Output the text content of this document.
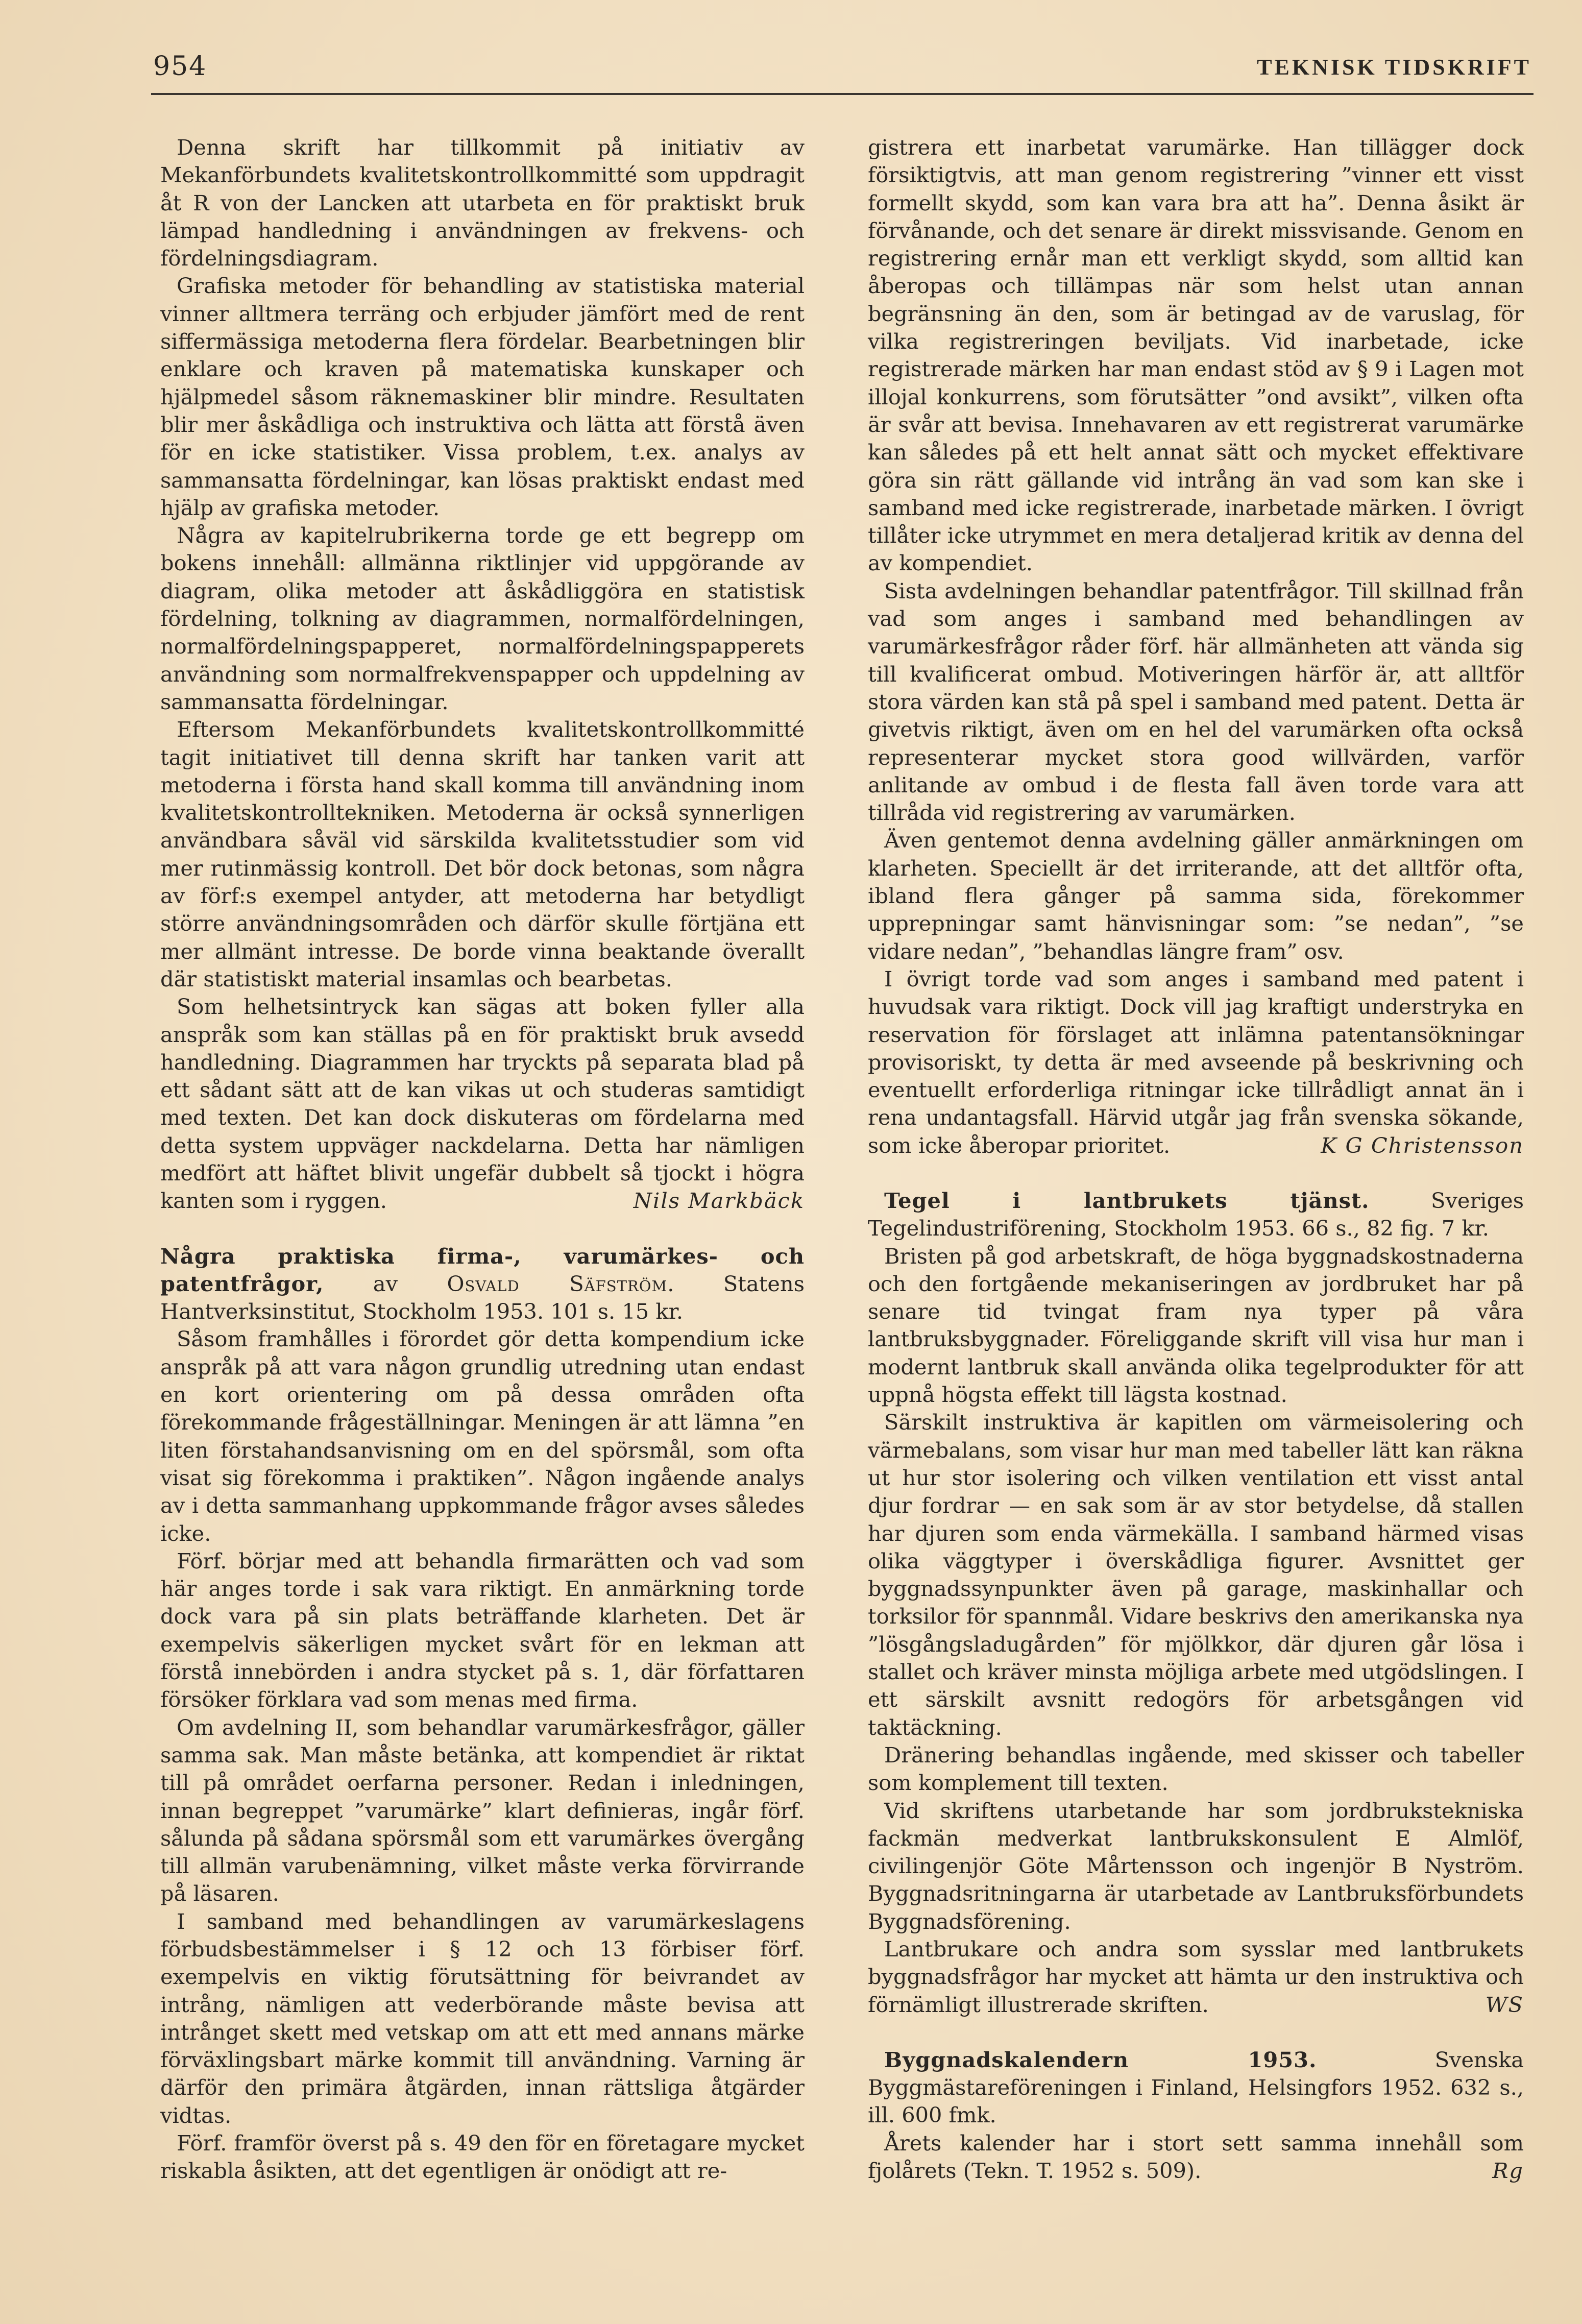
954	TEKNISK TIDSKRIFT

Denna skrift har tillkommit på initiativ av Mekanförbundets kvalitetskontrollkommitté som uppdragit åt R von der Lancken att utarbeta en för praktiskt bruk lämpad handledning i användningen av frekvens- och fördelningsdiagram.

Grafiska metoder för behandling av statistiska material vinner alltmera terräng och erbjuder jämfört med de rent siffermässiga metoderna flera fördelar. Bearbetningen blir enklare och kraven på matematiska kunskaper och hjälpmedel såsom räknemaskiner blir mindre. Resultaten blir mer åskådliga och instruktiva och lätta att förstå även för en icke statistiker. Vissa problem, t.ex. analys av sammansatta fördelningar, kan lösas praktiskt endast med hjälp av grafiska metoder.

Några av kapitelrubrikerna torde ge ett begrepp om bokens innehåll: allmänna riktlinjer vid uppgörande av diagram, olika metoder att åskådliggöra en statistisk fördelning, tolkning av diagrammen, normalfördelningen, normalfördelningspapperet, normalfördelningspapperets användning som normalfrekvenspapper och uppdelning av sammansatta fördelningar.

Eftersom Mekanförbundets kvalitetskontrollkommitté tagit initiativet till denna skrift har tanken varit att metoderna i första hand skall komma till användning inom kvalitetskontrolltekniken. Metoderna är också synnerligen användbara såväl vid särskilda kvalitetsstudier som vid mer rutinmässig kontroll. Det bör dock betonas, som några av förf:s exempel antyder, att metoderna har betydligt större användningsområden och därför skulle förtjäna ett mer allmänt intresse. De borde vinna beaktande överallt där statistiskt material insamlas och bearbetas.

Som helhetsintryck kan sägas att boken fyller alla anspråk som kan ställas på en för praktiskt bruk avsedd handledning. Diagrammen har tryckts på separata blad på ett sådant sätt att de kan vikas ut och studeras samtidigt med texten. Det kan dock diskuteras om fördelarna med detta system uppväger nackdelarna. Detta har nämligen medfört att häftet blivit ungefär dubbelt så tjockt i högra kanten som i ryggen.	Nils Markbäck

Några praktiska firma-, varumärkes- och patentfrågor, av Osvald Säfström. Statens Hantverksinstitut, Stockholm 1953. 101 s. 15 kr.

Såsom framhålles i förordet gör detta kompendium icke anspråk på att vara någon grundlig utredning utan endast en kort orientering om på dessa områden ofta förekommande frågeställningar. Meningen är att lämna ”en liten förstahandsanvisning om en del spörsmål, som ofta visat sig förekomma i praktiken”. Någon ingående analys av i detta sammanhang uppkommande frågor avses således icke.

Förf. börjar med att behandla firmarätten och vad som här anges torde i sak vara riktigt. En anmärkning torde dock vara på sin plats beträffande klarheten. Det är exempelvis säkerligen mycket svårt för en lekman att förstå innebörden i andra stycket på s. 1, där författaren försöker förklara vad som menas med firma.

Om avdelning II, som behandlar varumärkesfrågor, gäller samma sak. Man måste betänka, att kompendiet är riktat till på området oerfarna personer. Redan i inledningen, innan begreppet ”varumärke” klart definieras, ingår förf. sålunda på sådana spörsmål som ett varumärkes övergång till allmän varubenämning, vilket måste verka förvirrande på läsaren.

I samband med behandlingen av varumärkeslagens förbudsbestämmelser i § 12 och 13 förbiser förf. exempelvis en viktig förutsättning för beivrandet av intrång, nämligen att vederbörande måste bevisa att intrånget skett med vetskap om att ett med annans märke förväxlingsbart märke kommit till användning. Varning är därför den primära åtgärden, innan rättsliga åtgärder vidtas.

Förf. framför överst på s. 49 den för en företagare mycket riskabla åsikten, att det egentligen är onödigt att re-

gistrera ett inarbetat varumärke. Han tillägger dock försiktigtvis, att man genom registrering ”vinner ett visst formellt skydd, som kan vara bra att ha”. Denna åsikt är förvånande, och det senare är direkt missvisande. Genom en registrering ernår man ett verkligt skydd, som alltid kan åberopas och tillämpas när som helst utan annan begränsning än den, som är betingad av de varuslag, för vilka registreringen beviljats. Vid inarbetade, icke registrerade märken har man endast stöd av § 9 i Lagen mot illojal konkurrens, som förutsätter ”ond avsikt”, vilken ofta är svår att bevisa. Innehavaren av ett registrerat varumärke kan således på ett helt annat sätt och mycket effektivare göra sin rätt gällande vid intrång än vad som kan ske i samband med icke registrerade, inarbetade märken. I övrigt tillåter icke utrymmet en mera detaljerad kritik av denna del av kompendiet.

Sista avdelningen behandlar patentfrågor. Till skillnad från vad som anges i samband med behandlingen av varumärkesfrågor råder förf. här allmänheten att vända sig till kvalificerat ombud. Motiveringen härför är, att alltför stora värden kan stå på spel i samband med patent. Detta är givetvis riktigt, även om en hel del varumärken ofta också representerar mycket stora good willvärden, varför anlitande av ombud i de flesta fall även torde vara att tillråda vid registrering av varumärken.

Även gentemot denna avdelning gäller anmärkningen om klarheten. Speciellt är det irriterande, att det alltför ofta, ibland flera gånger på samma sida, förekommer upprepningar samt hänvisningar som: ”se nedan”, ”se vidare nedan”, ”behandlas längre fram” osv.

I övrigt torde vad som anges i samband med patent i huvudsak vara riktigt. Dock vill jag kraftigt understryka en reservation för förslaget att inlämna patentansökningar provisoriskt, ty detta är med avseende på beskrivning och eventuellt erforderliga ritningar icke tillrådligt annat än i rena undantagsfall. Härvid utgår jag från svenska sökande, som icke åberopar prioritet.	K G Christensson

Tegel i lantbrukets tjänst. Sveriges Tegelindustriförening, Stockholm 1953. 66 s., 82 fig. 7 kr.

Bristen på god arbetskraft, de höga byggnadskostnaderna och den fortgående mekaniseringen av jordbruket har på senare tid tvingat fram nya typer på våra lantbruksbyggnader. Föreliggande skrift vill visa hur man i modernt lantbruk skall använda olika tegelprodukter för att uppnå högsta effekt till lägsta kostnad.

Särskilt instruktiva är kapitlen om värmeisolering och värmebalans, som visar hur man med tabeller lätt kan räkna ut hur stor isolering och vilken ventilation ett visst antal djur fordrar — en sak som är av stor betydelse, då stallen har djuren som enda värmekälla. I samband härmed visas olika väggtyper i överskådliga figurer. Avsnittet ger byggnadssynpunkter även på garage, maskinhallar och torksilor för spannmål. Vidare beskrivs den amerikanska nya ”lösgångsladugården” för mjölkkor, där djuren går lösa i stallet och kräver minsta möjliga arbete med utgödslingen. I ett särskilt avsnitt redogörs för arbetsgången vid taktäckning.

Dränering behandlas ingående, med skisser och tabeller som komplement till texten.

Vid skriftens utarbetande har som jordbrukstekniska fackmän medverkat lantbrukskonsulent E Almlöf, civilingenjör Göte Mårtensson och ingenjör B Nyström. Byggnadsritningarna är utarbetade av Lantbruksförbundets Byggnadsförening.

Lantbrukare och andra som sysslar med lantbrukets byggnadsfrågor har mycket att hämta ur den instruktiva och förnämligt illustrerade skriften.	WS

Byggnadskalendern 1953. Svenska Byggmästareföreningen i Finland, Helsingfors 1952. 632 s., ill. 600 fmk.

Årets kalender har i stort sett samma innehåll som fjolårets (Tekn. T. 1952 s. 509).	Rg
